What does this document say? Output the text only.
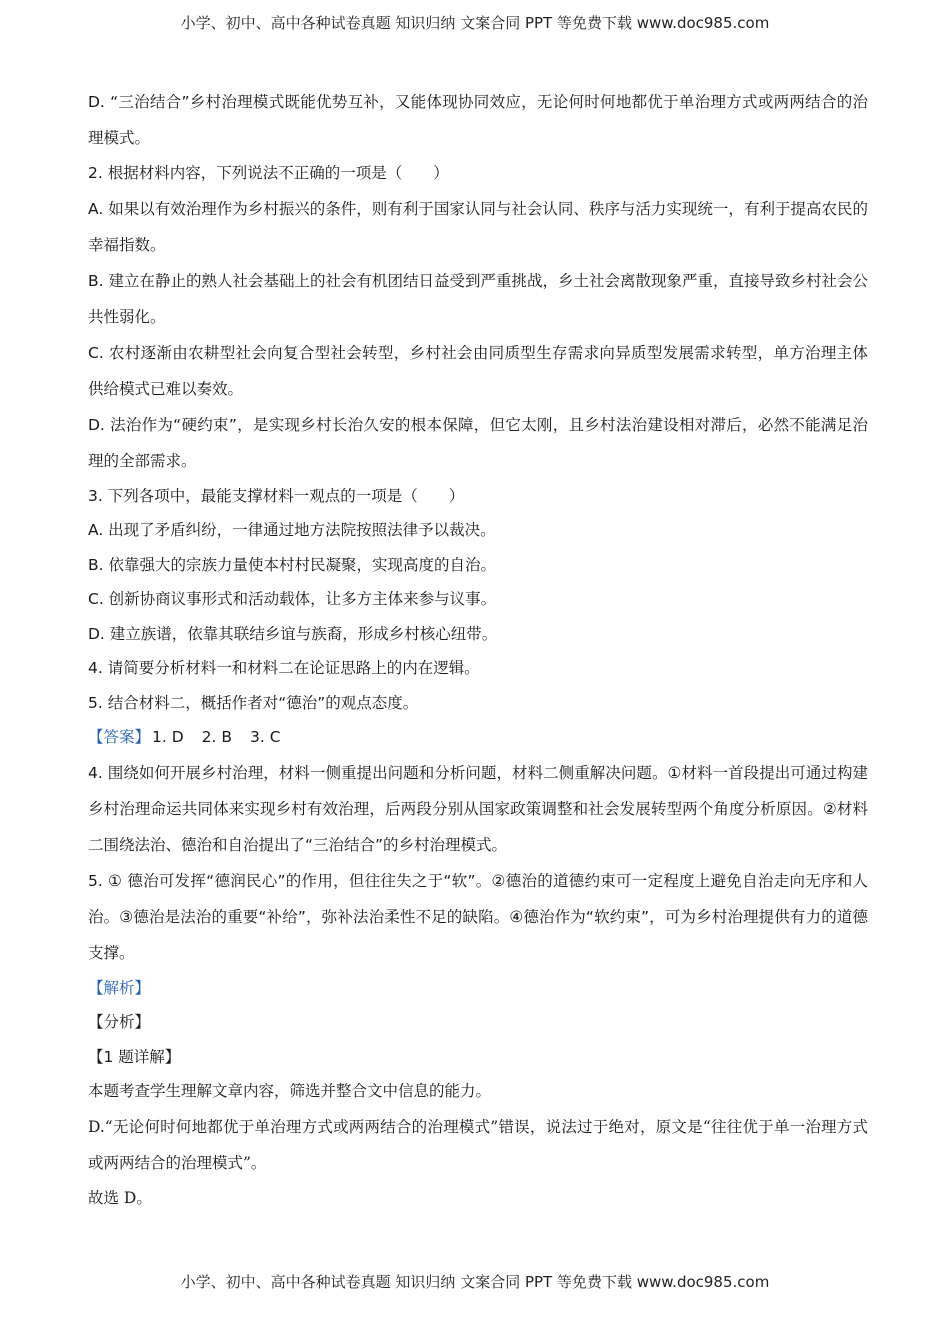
小学、初中、高中各种试卷真题 知识归纳 文案合同 PPT 等免费下载 www.doc985.com

D. “三治结合”乡村治理模式既能优势互补，又能体现协同效应，无论何时何地都优于单治理方式或两两结合的治理模式。

2. 根据材料内容，下列说法不正确的一项是（　　）

A. 如果以有效治理作为乡村振兴的条件，则有利于国家认同与社会认同、秩序与活力实现统一，有利于提高农民的幸福指数。

B. 建立在静止的熟人社会基础上的社会有机团结日益受到严重挑战，乡土社会离散现象严重，直接导致乡村社会公共性弱化。

C. 农村逐渐由农耕型社会向复合型社会转型，乡村社会由同质型生存需求向异质型发展需求转型，单方治理主体供给模式已难以奏效。

D. 法治作为“硬约束”，是实现乡村长治久安的根本保障，但它太刚，且乡村法治建设相对滞后，必然不能满足治理的全部需求。

3. 下列各项中，最能支撑材料一观点的一项是（　　）

A. 出现了矛盾纠纷，一律通过地方法院按照法律予以裁决。

B. 依靠强大的宗族力量使本村村民凝聚，实现高度的自治。

C. 创新协商议事形式和活动载体，让多方主体来参与议事。

D. 建立族谱，依靠其联结乡谊与族裔，形成乡村核心纽带。

4. 请简要分析材料一和材料二在论证思路上的内在逻辑。

5. 结合材料二，概括作者对“德治”的观点态度。

【答案】 1. D 2. B 3. C

4. 围绕如何开展乡村治理，材料一侧重提出问题和分析问题，材料二侧重解决问题。①材料一首段提出可通过构建乡村治理命运共同体来实现乡村有效治理，后两段分别从国家政策调整和社会发展转型两个角度分析原因。②材料二围绕法治、德治和自治提出了“三治结合”的乡村治理模式。

5. ① 德治可发挥“德润民心”的作用，但往往失之于“软”。②德治的道德约束可一定程度上避免自治走向无序和人治。③德治是法治的重要“补给”，弥补法治柔性不足的缺陷。④德治作为“软约束”，可为乡村治理提供有力的道德支撑。

【解析】

【分析】

【1 题详解】

本题考查学生理解文章内容，筛选并整合文中信息的能力。

D.“无论何时何地都优于单治理方式或两两结合的治理模式”错误，说法过于绝对，原文是“往往优于单一治理方式或两两结合的治理模式”。

故选 D。

小学、初中、高中各种试卷真题 知识归纳 文案合同 PPT 等免费下载 www.doc985.com
